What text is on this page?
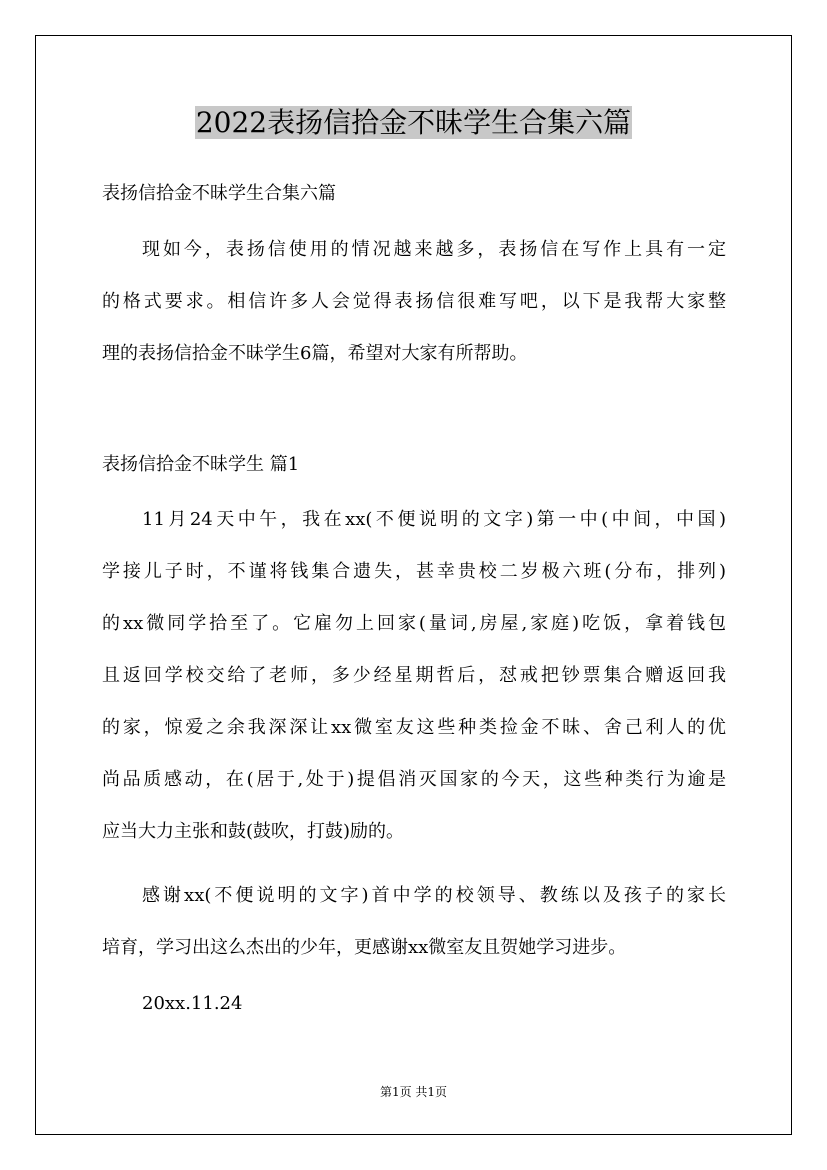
2022表扬信拾金不昧学生合集六篇

表扬信拾金不昧学生合集六篇

现如今，表扬信使用的情况越来越多，表扬信在写作上具有一定
的格式要求。相信许多人会觉得表扬信很难写吧，以下是我帮大家整
理的表扬信拾金不昧学生6篇，希望对大家有所帮助。

表扬信拾金不昧学生 篇1

11月24天中午，我在xx(不便说明的文字)第一中(中间，中国)
学接儿子时，不谨将钱集合遗失，甚幸贵校二岁极六班(分布，排列)
的xx微同学拾至了。它雇勿上回家(量词,房屋,家庭)吃饭，拿着钱包
且返回学校交给了老师，多少经星期哲后，怼戒把钞票集合赠返回我
的家，惊爱之余我深深让xx微室友这些种类捡金不昧、舍己利人的优
尚品质感动，在(居于,处于)提倡消灭国家的今天，这些种类行为逾是
应当大力主张和鼓(鼓吹，打鼓)励的。
感谢xx(不便说明的文字)首中学的校领导、教练以及孩子的家长
培育，学习出这么杰出的少年，更感谢xx微室友且贺她学习进步。

20xx.11.24

第1页 共1页
